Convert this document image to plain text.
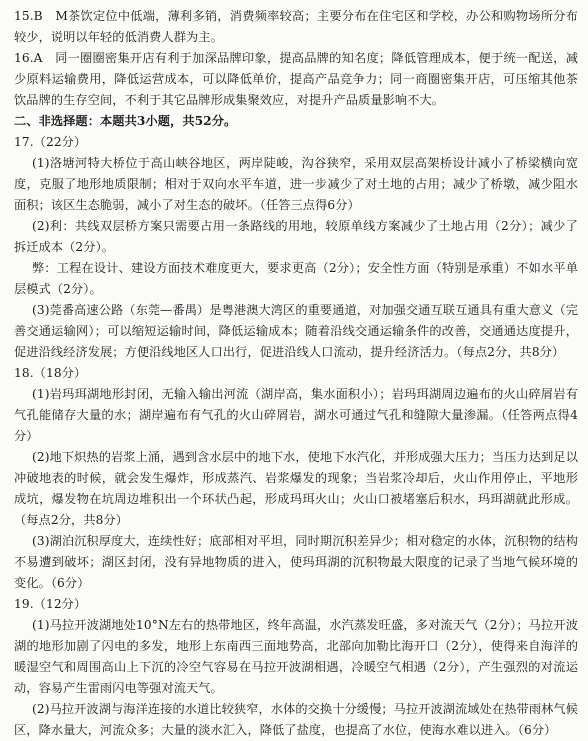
15.B　M茶饮定位中低端，薄利多销，消费频率较高；主要分布在住宅区和学校，办公和购物场所分布较少，说明以年轻的低消费人群为主。

16.A　同一圈圈密集开店有利于加深品牌印象，提高品牌的知名度；降低管理成本，便于统一配送，减少原料运输费用，降低运营成本，可以降低单价，提高产品竞争力；同一商圈密集开店，可压缩其他茶饮品牌的生存空间，不利于其它品牌形成集聚效应，对提升产品质量影响不大。

二、非选择题：本题共3小题，共52分。

17.（22分）

(1)洛塘河特大桥位于高山峡谷地区，两岸陡峻，沟谷狭窄，采用双层高架桥设计减小了桥梁横向宽度，克服了地形地质限制；相对于双向水平车道，进一步减少了对土地的占用；减少了桥墩，减少阻水面积；该区生态脆弱，减小了对生态的破坏。（任答三点得6分）

(2)利：共线双层桥方案只需要占用一条路线的用地，较原单线方案减少了土地占用（2分）；减少了拆迁成本（2分）。

弊：工程在设计、建设方面技术难度更大，要求更高（2分）；安全性方面（特别是承重）不如水平单层模式（2分）。

(3)莞番高速公路（东莞—番禺）是粤港澳大湾区的重要通道，对加强交通互联互通具有重大意义（完善交通运输网）；可以缩短运输时间，降低运输成本；随着沿线交通运输条件的改善，交通通达度提升，促进沿线经济发展；方便沿线地区人口出行，促进沿线人口流动，提升经济活力。（每点2分，共8分）

18.（18分）

(1)岩玛珥湖地形封闭，无输入输出河流（湖岸高，集水面积小）；岩玛珥湖周边遍布的火山碎屑岩有气孔能储存大量的水；湖岸遍布有气孔的火山碎屑岩，湖水可通过气孔和缝隙大量渗漏。（任答两点得4分）

(2)地下炽热的岩浆上涌，遇到含水层中的地下水，使地下水汽化，并形成强大压力；当压力达到足以冲破地表的时候，就会发生爆炸，形成蒸汽、岩浆爆发的现象；当岩浆冷却后，火山作用停止，平地形成坑，爆发物在坑周边堆积出一个环状凸起，形成玛珥火山；火山口被堵塞后积水，玛珥湖就此形成。（每点2分，共8分）

(3)湖泊沉积厚度大，连续性好；底部相对平坦，同时期沉积差异少；相对稳定的水体，沉积物的结构不易遭到破坏；湖区封闭，没有异地物质的进入，使玛珥湖的沉积物最大限度的记录了当地气候环境的变化。（6分）

19.（12分）

(1)马拉开波湖地处10°N左右的热带地区，终年高温，水汽蒸发旺盛，多对流天气（2分）；马拉开波湖的地形加剧了闪电的多发，地形上东南西三面地势高，北部向加勒比海开口（2分），使得来自海洋的暖湿空气和周围高山上下沉的冷空气容易在马拉开波湖相遇，冷暖空气相遇（2分），产生强烈的对流运动，容易产生雷雨闪电等强对流天气。

(2)马拉开波湖与海洋连接的水道比较狭窄，水体的交换十分缓慢；马拉开波湖流域处在热带雨林气候区，降水量大，河流众多；大量的淡水汇入，降低了盐度，也提高了水位，使海水难以进入。（6分）
